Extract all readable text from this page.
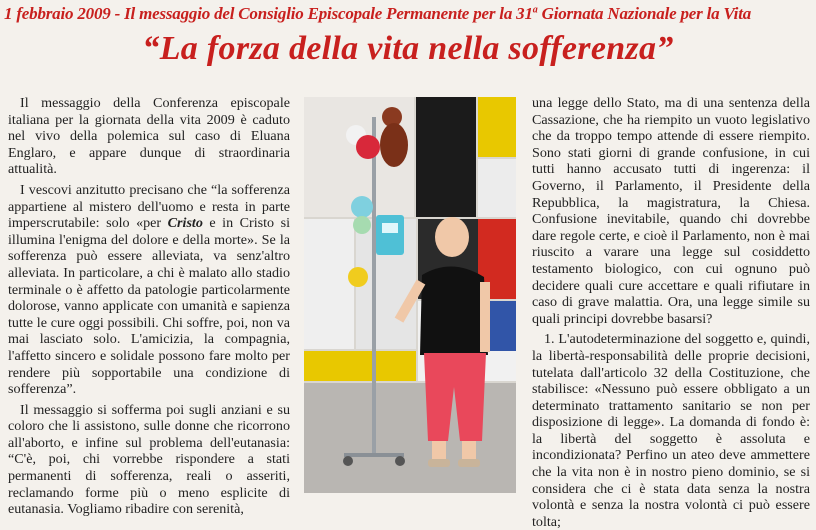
1 febbraio 2009 - Il messaggio del Consiglio Episcopale Permanente per la 31$^a$ Giornata Nazionale per la Vita
“La forza della vita nella sofferenza”

Il messaggio della Conferenza episcopale italiana per la giornata della vita 2009 è caduto nel vivo della polemica sul caso di Eluana Englaro, e appare dunque di straordinaria attualità.

I vescovi anzitutto precisano che “la sofferenza appartiene al mistero dell'uomo e resta in parte imperscrutabile: solo «per Cristo e in Cristo si illumina l'enigma del dolore e della morte». Se la sofferenza può essere alleviata, va senz'altro alleviata. In particolare, a chi è malato allo stadio terminale o è affetto da patologie particolarmente dolorose, vanno applicate con umanità e sapienza tutte le cure oggi possibili. Chi soffre, poi, non va mai lasciato solo. L'amicizia, la compagnia, l'affetto sincero e solidale possono fare molto per rendere più sopportabile una condizione di sofferenza”.

Il messaggio si sofferma poi sugli anziani e su coloro che li assistono, sulle donne che ricorrono all'aborto, e infine sul problema dell'eutanasia: “C'è, poi, chi vorrebbe rispondere a stati permanenti di sofferenza, reali o asseriti, reclamando forme più o meno esplicite di eutanasia. Vogliamo ribadire con serenità,

una legge dello Stato, ma di una sentenza della Cassazione, che ha riempito un vuoto legislativo che da troppo tempo attende di essere riempito. Sono stati giorni di grande confusione, in cui tutti hanno accusato tutti di ingerenza: il Governo, il Parlamento, il Presidente della Repubblica, la magistratura, la Chiesa. Confusione inevitabile, quando chi dovrebbe dare regole certe, e cioè il Parlamento, non è mai riuscito a varare una legge sul cosiddetto testamento biologico, con cui ognuno può decidere quali cure accettare e quali rifiutare in caso di grave malattia. Ora, una legge simile su quali principi dovrebbe basarsi?

1. L'autodeterminazione del soggetto e, quindi, la libertà-responsabilità delle proprie decisioni, tutelata dall'articolo 32 della Costituzione, che stabilisce: «Nessuno può essere obbligato a un determinato trattamento sanitario se non per disposizione di legge». La domanda di fondo è: la libertà del soggetto è assoluta e incondizionata? Perfino un ateo deve ammettere che la vita non è in nostro pieno dominio, se si considera che ci è stata data senza la nostra volontà e senza la nostra volontà ci può essere tolta;
